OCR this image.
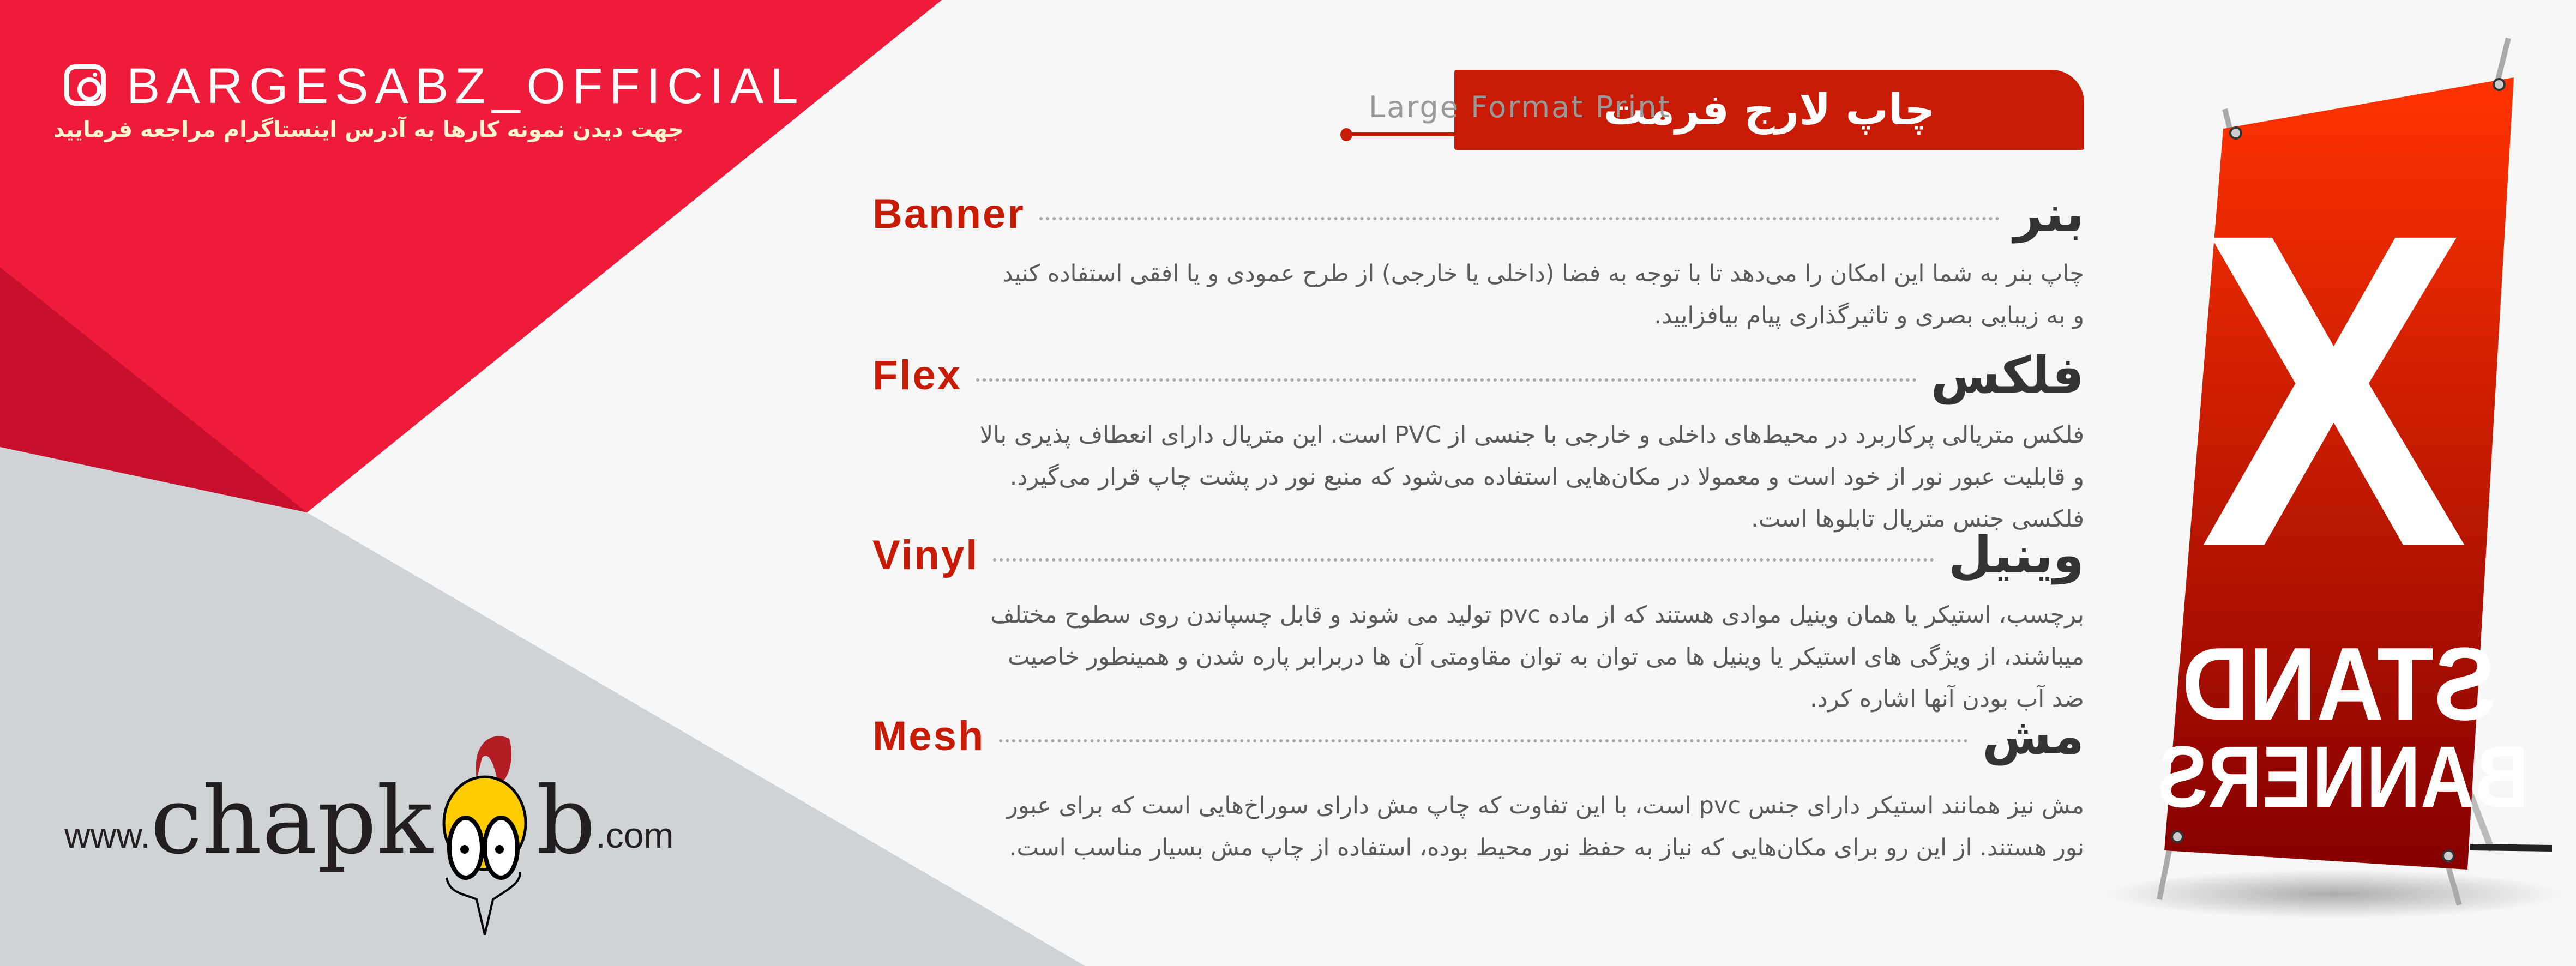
X
STAND
BANNERS
BARGESABZ_OFFICIAL
جهت دیدن نمونه کارها به آدرس اینستاگرام مراجعه فرمایید	چاپ لارج فرمت
Large Format Print
Banner	بنر
چاپ بنر به شما این امکان را می‌دهد تا با توجه به فضا (داخلی یا خارجی) از طرح عمودی و یا افقی استفاده کنید
و به زیبایی بصری و تاثیرگذاری پیام بیافزایید.
Flex	فلکس
فلکس متریالی پرکاربرد در محیط‌های داخلی و خارجی با جنسی از PVC است. این متریال دارای انعطاف پذیری بالا
و قابلیت عبور نور از خود است و معمولا در مکان‌هایی استفاده می‌شود که منبع نور در پشت چاپ قرار می‌گیرد.
فلکسی جنس متریال تابلوها است.
Vinyl	وینیل
برچسب، استیکر یا همان وینیل موادی هستند که از ماده pvc تولید می شوند و قابل چسپاندن روی سطوح مختلف
میباشند، از ویژگی های استیکر یا وینیل ها می توان به توان مقاومتی آن ها دربرابر پاره شدن و همینطور خاصیت
ضد آب بودن آنها اشاره کرد.
Mesh	مش
مش نیز همانند استیکر دارای جنس pvc است، با این تفاوت که چاپ مش دارای سوراخ‌هایی است که برای عبور
نور هستند. از این رو برای مکان‌هایی که نیاز به حفظ نور محیط بوده، استفاده از چاپ مش بسیار مناسب است.
www. chapk b .com
